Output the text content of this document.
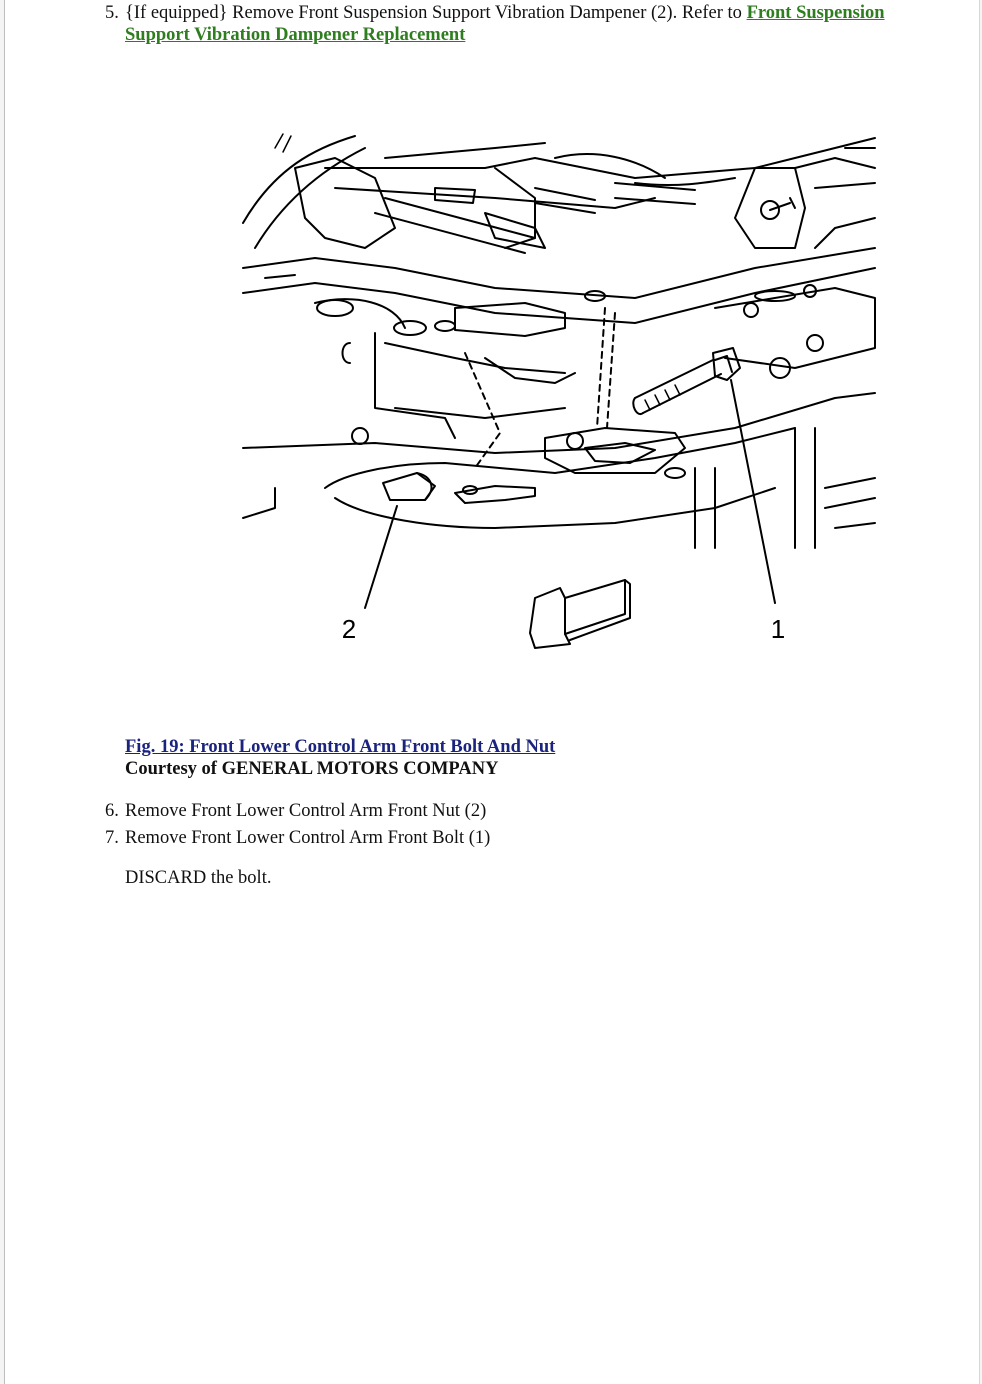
5. {If equipped} Remove Front Suspension Support Vibration Dampener (2). Refer to Front Suspension Support Vibration Dampener Replacement
2	1
Fig. 19: Front Lower Control Arm Front Bolt And Nut
Courtesy of GENERAL MOTORS COMPANY
6. Remove Front Lower Control Arm Front Nut (2)
7. Remove Front Lower Control Arm Front Bolt (1)
DISCARD the bolt.
